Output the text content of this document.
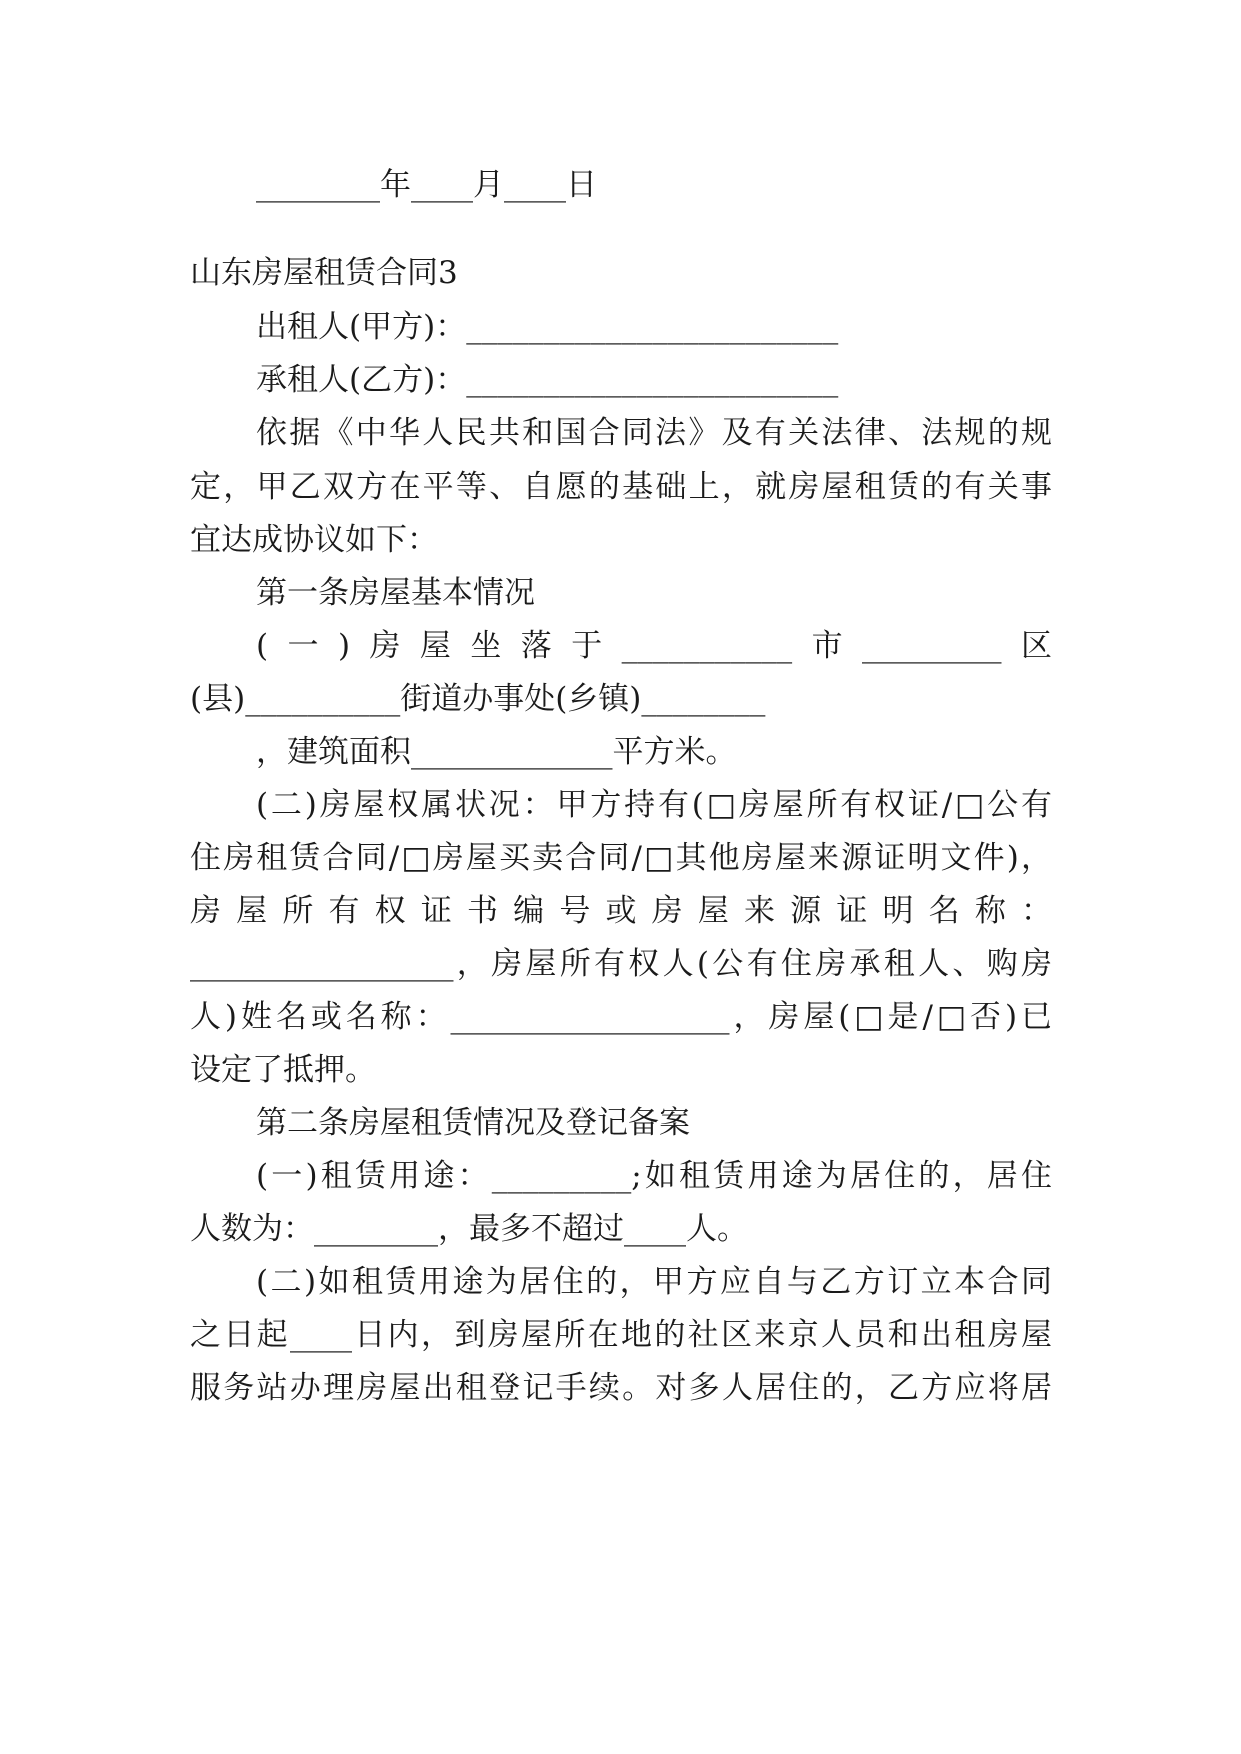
________年____月____日
山东房屋租赁合同3
出租人(甲方)：________________________
承租人(乙方)：________________________
依据《中华人民共和国合同法》及有关法律、法规的规
定，甲乙双方在平等、自愿的基础上，就房屋租赁的有关事
宜达成协议如下：
第一条房屋基本情况
(一)房屋坐落于___________市_________区
(县)__________街道办事处(乡镇)________
，建筑面积_____________平方米。
(二)房屋权属状况：甲方持有(□房屋所有权证/□公有
住房租赁合同/□房屋买卖合同/□其他房屋来源证明文件)，
房屋所有权证书编号或房屋来源证明名称：
_________________，房屋所有权人(公有住房承租人、购房
人)姓名或名称：__________________，房屋(□是/□否)已
设定了抵押。
第二条房屋租赁情况及登记备案
(一)租赁用途：_________;如租赁用途为居住的，居住
人数为：________，最多不超过____人。
(二)如租赁用途为居住的，甲方应自与乙方订立本合同
之日起____日内，到房屋所在地的社区来京人员和出租房屋
服务站办理房屋出租登记手续。对多人居住的，乙方应将居
